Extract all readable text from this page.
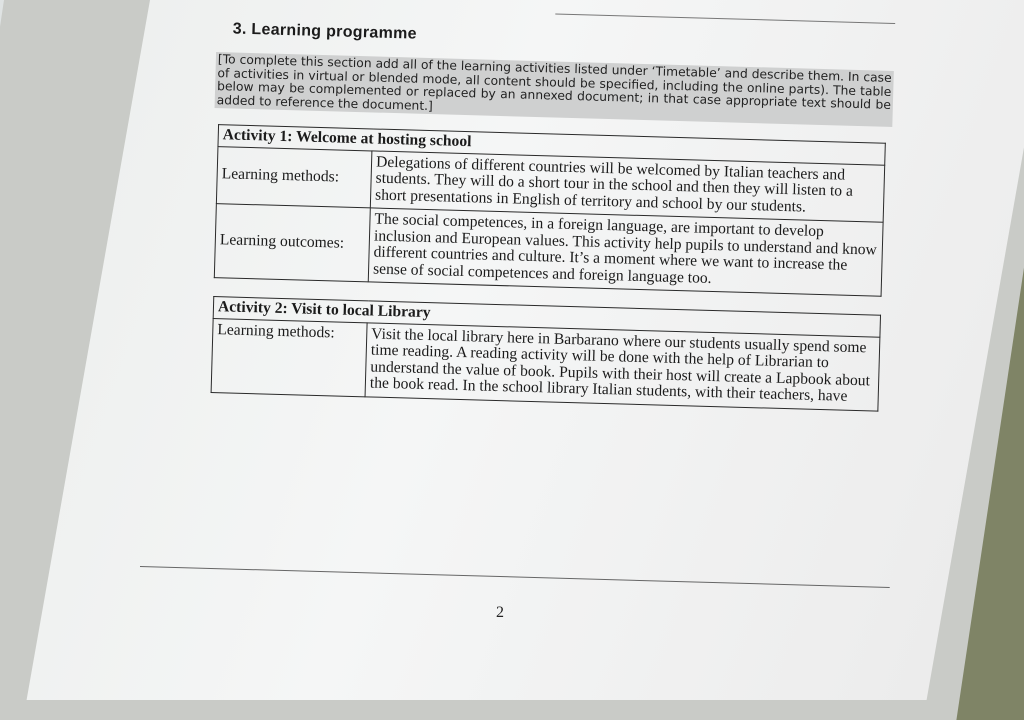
3. Learning programme
[To complete this section add all of the learning activities listed under ‘Timetable’ and describe them. In case of activities in virtual or blended mode, all content should be specified, including the online parts). The table below may be complemented or replaced by an annexed document; in that case appropriate text should be added to reference the document.]
Activity 1: Welcome at hosting school	
Learning methods:	Delegations of different countries will be welcomed by Italian teachers and students. They will do a short tour in the school and then they will listen to a short presentations in English of territory and school by our students.
Learning outcomes:	The social competences, in a foreign language, are important to develop inclusion and European values. This activity help pupils to understand and know different countries and culture. It’s a moment where we want to increase the sense of social competences and foreign language too.
Activity 2: Visit to local Library
Learning methods:	Visit the local library here in Barbarano where our students usually spend some time reading. A reading activity will be done with the help of Librarian to understand the value of book. Pupils with their host will create a Lapbook about the book read. In the school library Italian students, with their teachers, have
2
